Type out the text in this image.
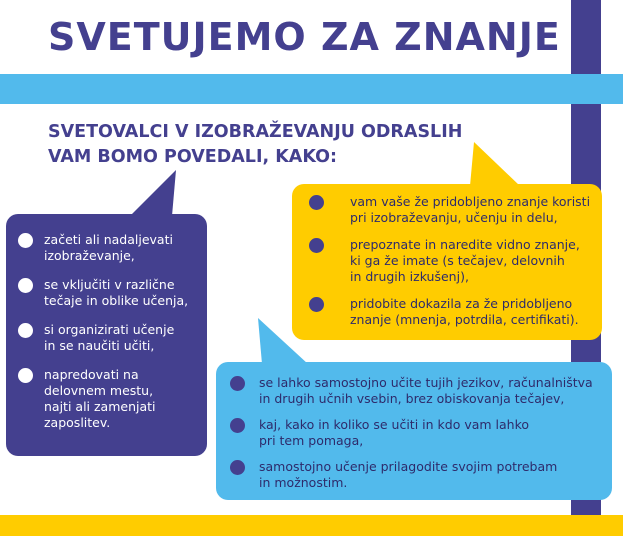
SVETUJEMO ZA ZNANJE
SVETOVALCI V IZOBRAŽEVANJU ODRASLIH
VAM BOMO POVEDALI, KAKO:
začeti ali nadaljevati
izobraževanje,
se vključiti v različne
tečaje in oblike učenja,
si organizirati učenje
in se naučiti učiti,
napredovati na
delovnem mestu,
najti ali zamenjati
zaposlitev.
vam vaše že pridobljeno znanje koristi
pri izobraževanju, učenju in delu,
prepoznate in naredite vidno znanje,
ki ga že imate (s tečajev, delovnih
in drugih izkušenj),
pridobite dokazila za že pridobljeno
znanje (mnenja, potrdila, certifikati).
se lahko samostojno učite tujih jezikov, računalništva
in drugih učnih vsebin, brez obiskovanja tečajev,
kaj, kako in koliko se učiti in kdo vam lahko
pri tem pomaga,
samostojno učenje prilagodite svojim potrebam
in možnostim.
